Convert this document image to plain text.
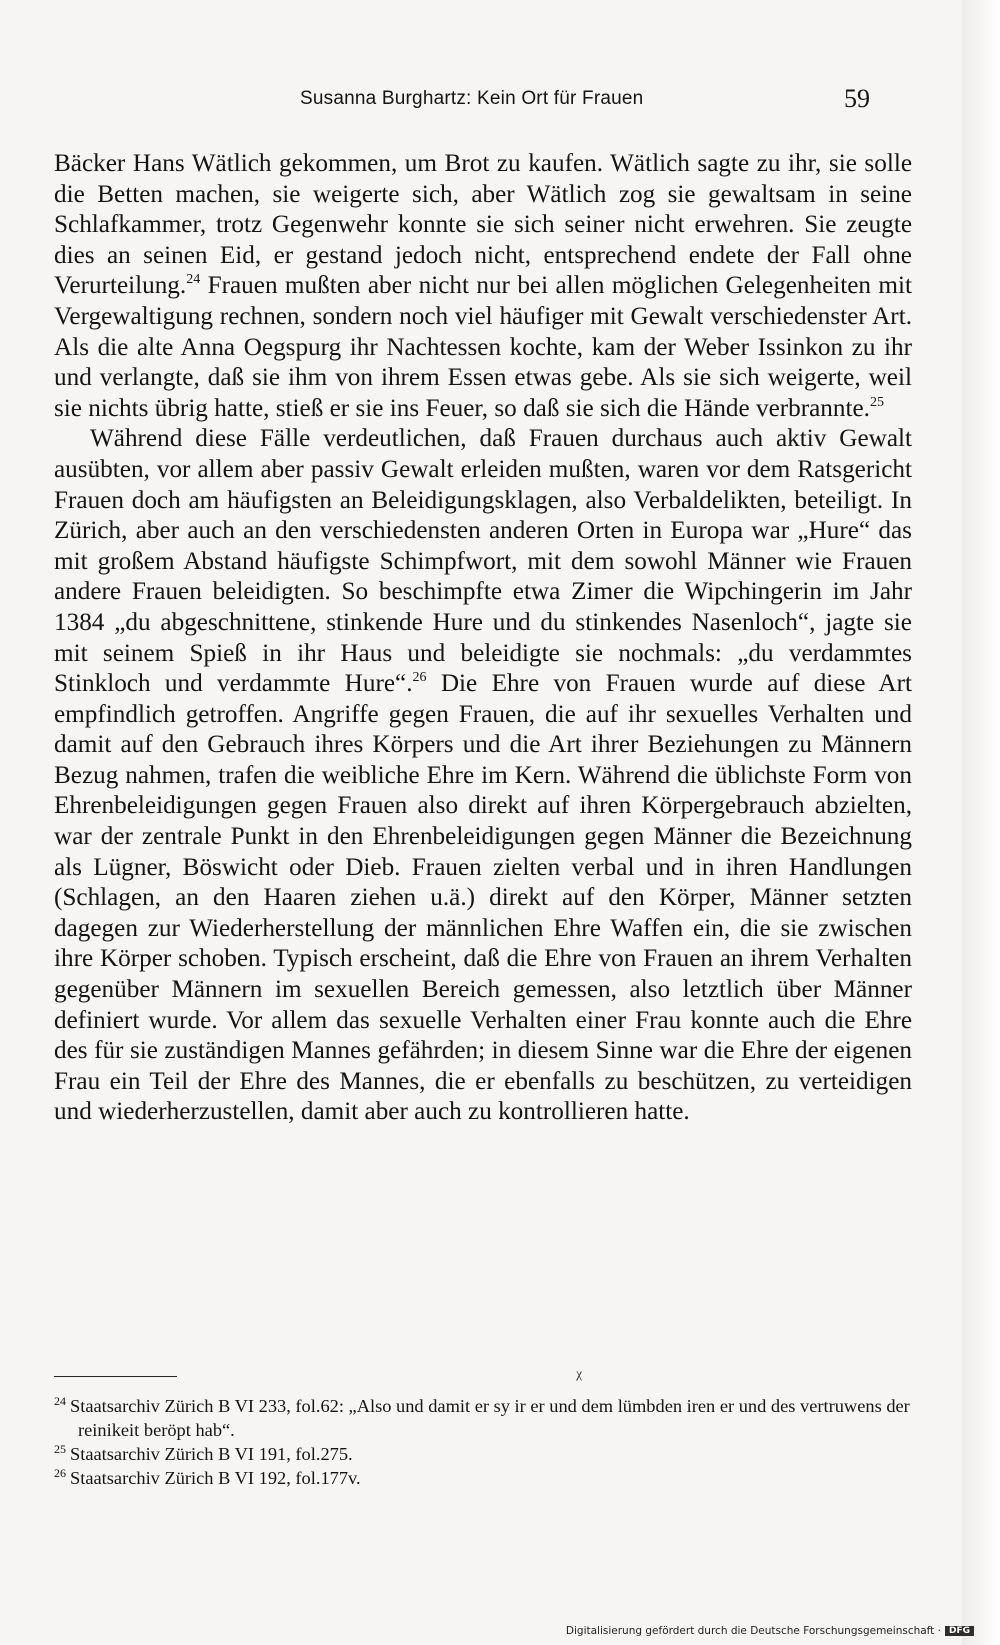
Susanna Burghartz: Kein Ort für Frauen	59

Bäcker Hans Wätlich gekommen, um Brot zu kaufen. Wätlich sagte zu ihr, sie solle die Betten machen, sie weigerte sich, aber Wätlich zog sie gewaltsam in seine Schlafkammer, trotz Gegenwehr konnte sie sich seiner nicht erwehren. Sie zeugte dies an seinen Eid, er gestand jedoch nicht, entsprechend endete der Fall ohne Verurteilung.$^{24}$ Frauen mußten aber nicht nur bei allen möglichen Gelegenheiten mit Vergewaltigung rechnen, sondern noch viel häufiger mit Gewalt verschiedenster Art. Als die alte Anna Oegspurg ihr Nachtessen kochte, kam der Weber Issinkon zu ihr und verlangte, daß sie ihm von ihrem Essen etwas gebe. Als sie sich weigerte, weil sie nichts übrig hatte, stieß er sie ins Feuer, so daß sie sich die Hände verbrannte.$^{25}$

Während diese Fälle verdeutlichen, daß Frauen durchaus auch aktiv Gewalt ausübten, vor allem aber passiv Gewalt erleiden mußten, waren vor dem Ratsgericht Frauen doch am häufigsten an Beleidigungsklagen, also Verbaldelikten, beteiligt. In Zürich, aber auch an den verschiedensten anderen Orten in Europa war „Hure“ das mit großem Abstand häufigste Schimpfwort, mit dem sowohl Männer wie Frauen andere Frauen beleidigten. So beschimpfte etwa Zimer die Wipchingerin im Jahr 1384 „du abgeschnittene, stinkende Hure und du stinkendes Nasenloch“, jagte sie mit seinem Spieß in ihr Haus und beleidigte sie nochmals: „du verdammtes Stinkloch und verdammte Hure“.$^{26}$ Die Ehre von Frauen wurde auf diese Art empfindlich getroffen. Angriffe gegen Frauen, die auf ihr sexuelles Verhalten und damit auf den Gebrauch ihres Körpers und die Art ihrer Beziehungen zu Männern Bezug nahmen, trafen die weibliche Ehre im Kern. Während die üblichste Form von Ehrenbeleidigungen gegen Frauen also direkt auf ihren Körpergebrauch abzielten, war der zentrale Punkt in den Ehrenbeleidigungen gegen Männer die Bezeichnung als Lügner, Böswicht oder Dieb. Frauen zielten verbal und in ihren Handlungen (Schlagen, an den Haaren ziehen u.ä.) direkt auf den Körper, Männer setzten dagegen zur Wiederherstellung der männlichen Ehre Waffen ein, die sie zwischen ihre Körper schoben. Typisch erscheint, daß die Ehre von Frauen an ihrem Verhalten gegenüber Männern im sexuellen Bereich gemessen, also letztlich über Männer definiert wurde. Vor allem das sexuelle Verhalten einer Frau konnte auch die Ehre des für sie zuständigen Mannes gefährden; in diesem Sinne war die Ehre der eigenen Frau ein Teil der Ehre des Mannes, die er ebenfalls zu beschützen, zu verteidigen und wiederherzustellen, damit aber auch zu kontrollieren hatte.

ᵡ

$^{24}$ Staatsarchiv Zürich B VI 233, fol.62: „Also und damit er sy ir er und dem lümbden iren er und des vertruwens der reinikeit beröpt hab“.

$^{25}$ Staatsarchiv Zürich B VI 191, fol.275.

$^{26}$ Staatsarchiv Zürich B VI 192, fol.177v.

Digitalisierung gefördert durch die Deutsche Forschungsgemeinschaft · DFG
